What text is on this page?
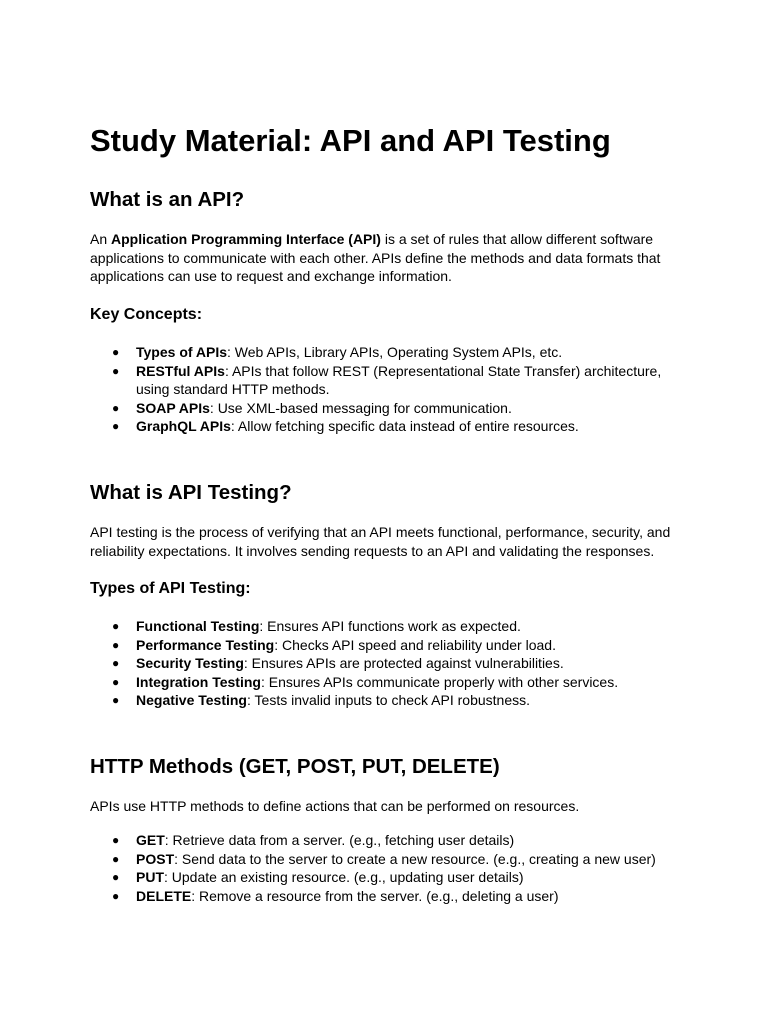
Study Material: API and API Testing
What is an API?

An Application Programming Interface (API) is a set of rules that allow different software applications to communicate with each other. APIs define the methods and data formats that applications can use to request and exchange information.

Key Concepts:
● Types of APIs: Web APIs, Library APIs, Operating System APIs, etc.
● RESTful APIs: APIs that follow REST (Representational State Transfer) architecture, using standard HTTP methods.
● SOAP APIs: Use XML-based messaging for communication.
● GraphQL APIs: Allow fetching specific data instead of entire resources.
What is API Testing?

API testing is the process of verifying that an API meets functional, performance, security, and reliability expectations. It involves sending requests to an API and validating the responses.

Types of API Testing:
● Functional Testing: Ensures API functions work as expected.
● Performance Testing: Checks API speed and reliability under load.
● Security Testing: Ensures APIs are protected against vulnerabilities.
● Integration Testing: Ensures APIs communicate properly with other services.
● Negative Testing: Tests invalid inputs to check API robustness.
HTTP Methods (GET, POST, PUT, DELETE)

APIs use HTTP methods to define actions that can be performed on resources.

● GET: Retrieve data from a server. (e.g., fetching user details)
● POST: Send data to the server to create a new resource. (e.g., creating a new user)
● PUT: Update an existing resource. (e.g., updating user details)
● DELETE: Remove a resource from the server. (e.g., deleting a user)
